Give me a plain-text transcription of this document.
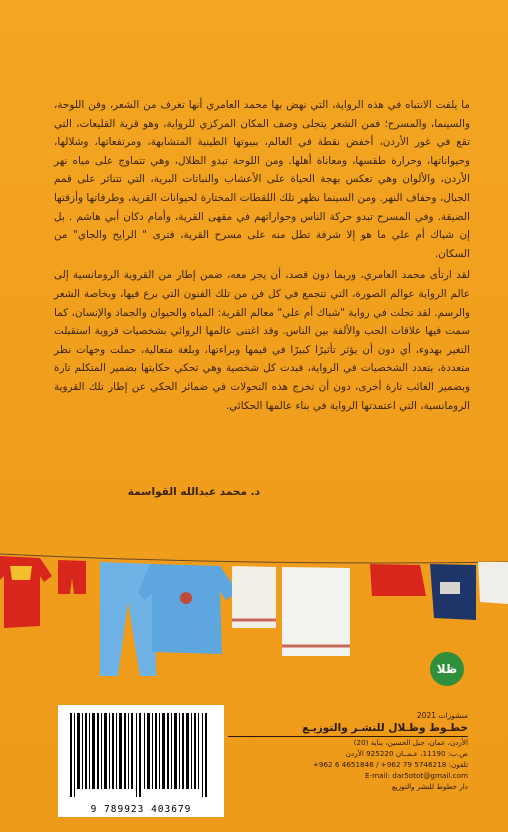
ما يلفت الانتباه في هذه الرواية، التي نهض بها محمد العامري أنها تغرف من الشعر، وفن اللوحة، والسينما، والمسرح؛ فمن الشعر يتجلى وصف المكان المركزي للرواية، وهو قرية القليعات، التي تقع في غور الأردن، أخفض نقطة في العالم، ببيوتها الطينية المتشابهة، ومرتفعاتها، وشلالها، وحيواناتها، وحرارة طقسها، ومعاناة أهلها. ومن اللوحة تبدو الظلال، وهي تتماوج على مياه نهر الأردن، والألوان وهي تعكس بهجة الحياة على الأعشاب والنباتات البرية، التي تتناثر على قمم الجبال، وحفاف النهر. ومن السينما نظهر تلك اللقطات المختارة لحيوانات القرية، وطرقاتها وأزقتها الضيقة. وفي المسرح تبدو حركة الناس وحواراتهم في مقهى القرية، وأمام دكان أبي هاشم . بل إن شباك أم علي ما هو إلا شرفة تطل منه على مسرح القرية، فترى " الرايح والجاي" من السكان.

لقد ارتأى محمد العامري، وربما دون قصد، أن يجر معه، ضمن إطار من القروية الرومانسية إلى عالم الرواية عوالم الصورة، التي تتجمع في كل فن من تلك الفنون التي برع فيها، وبخاصة الشعر والرسم. لقد تجلت في رواية "شباك أم علي" معالم القرية: المياه والحيوان والجماد والإنسان، كما سمت فيها علاقات الحب والألفة بين الناس. وقد اغتنى عالمها الروائي بشخصيات قروية استقبلت التغير بهدوء، أي دون أن يؤثر تأثيرًا كبيرًا في قيمها وبراءتها، وبلغة متعالية، حملت وجهات نظر متعددة، بتعدد الشخصيات في الرواية، فبدت كل شخصية وهي تحكي حكايتها بضمير المتكلم تارة وبضمير الغائب تارة أخرى، دون أن تخرج هذه التحولات في ضمائر الحكي عن إطار تلك القروية الرومانسية، التي اعتمدتها الرواية في بناء عالمها الحكائي.

د. محمد عبدالله القواسمة
ظلا
منشورات 2021
خطـوط وظـلال للنشـر والتوزيـع
الأردن، عمان، جبل الحسين، بناية (20)
ص.ب: 11190، عـمــان 925220 الأردن
تلفون: 5746218 79 962+ / 4651846 6 962+
E-mail: dar5otot@gmail.com
دار خطوط للنشر والتوزيع
9 789923 403679
